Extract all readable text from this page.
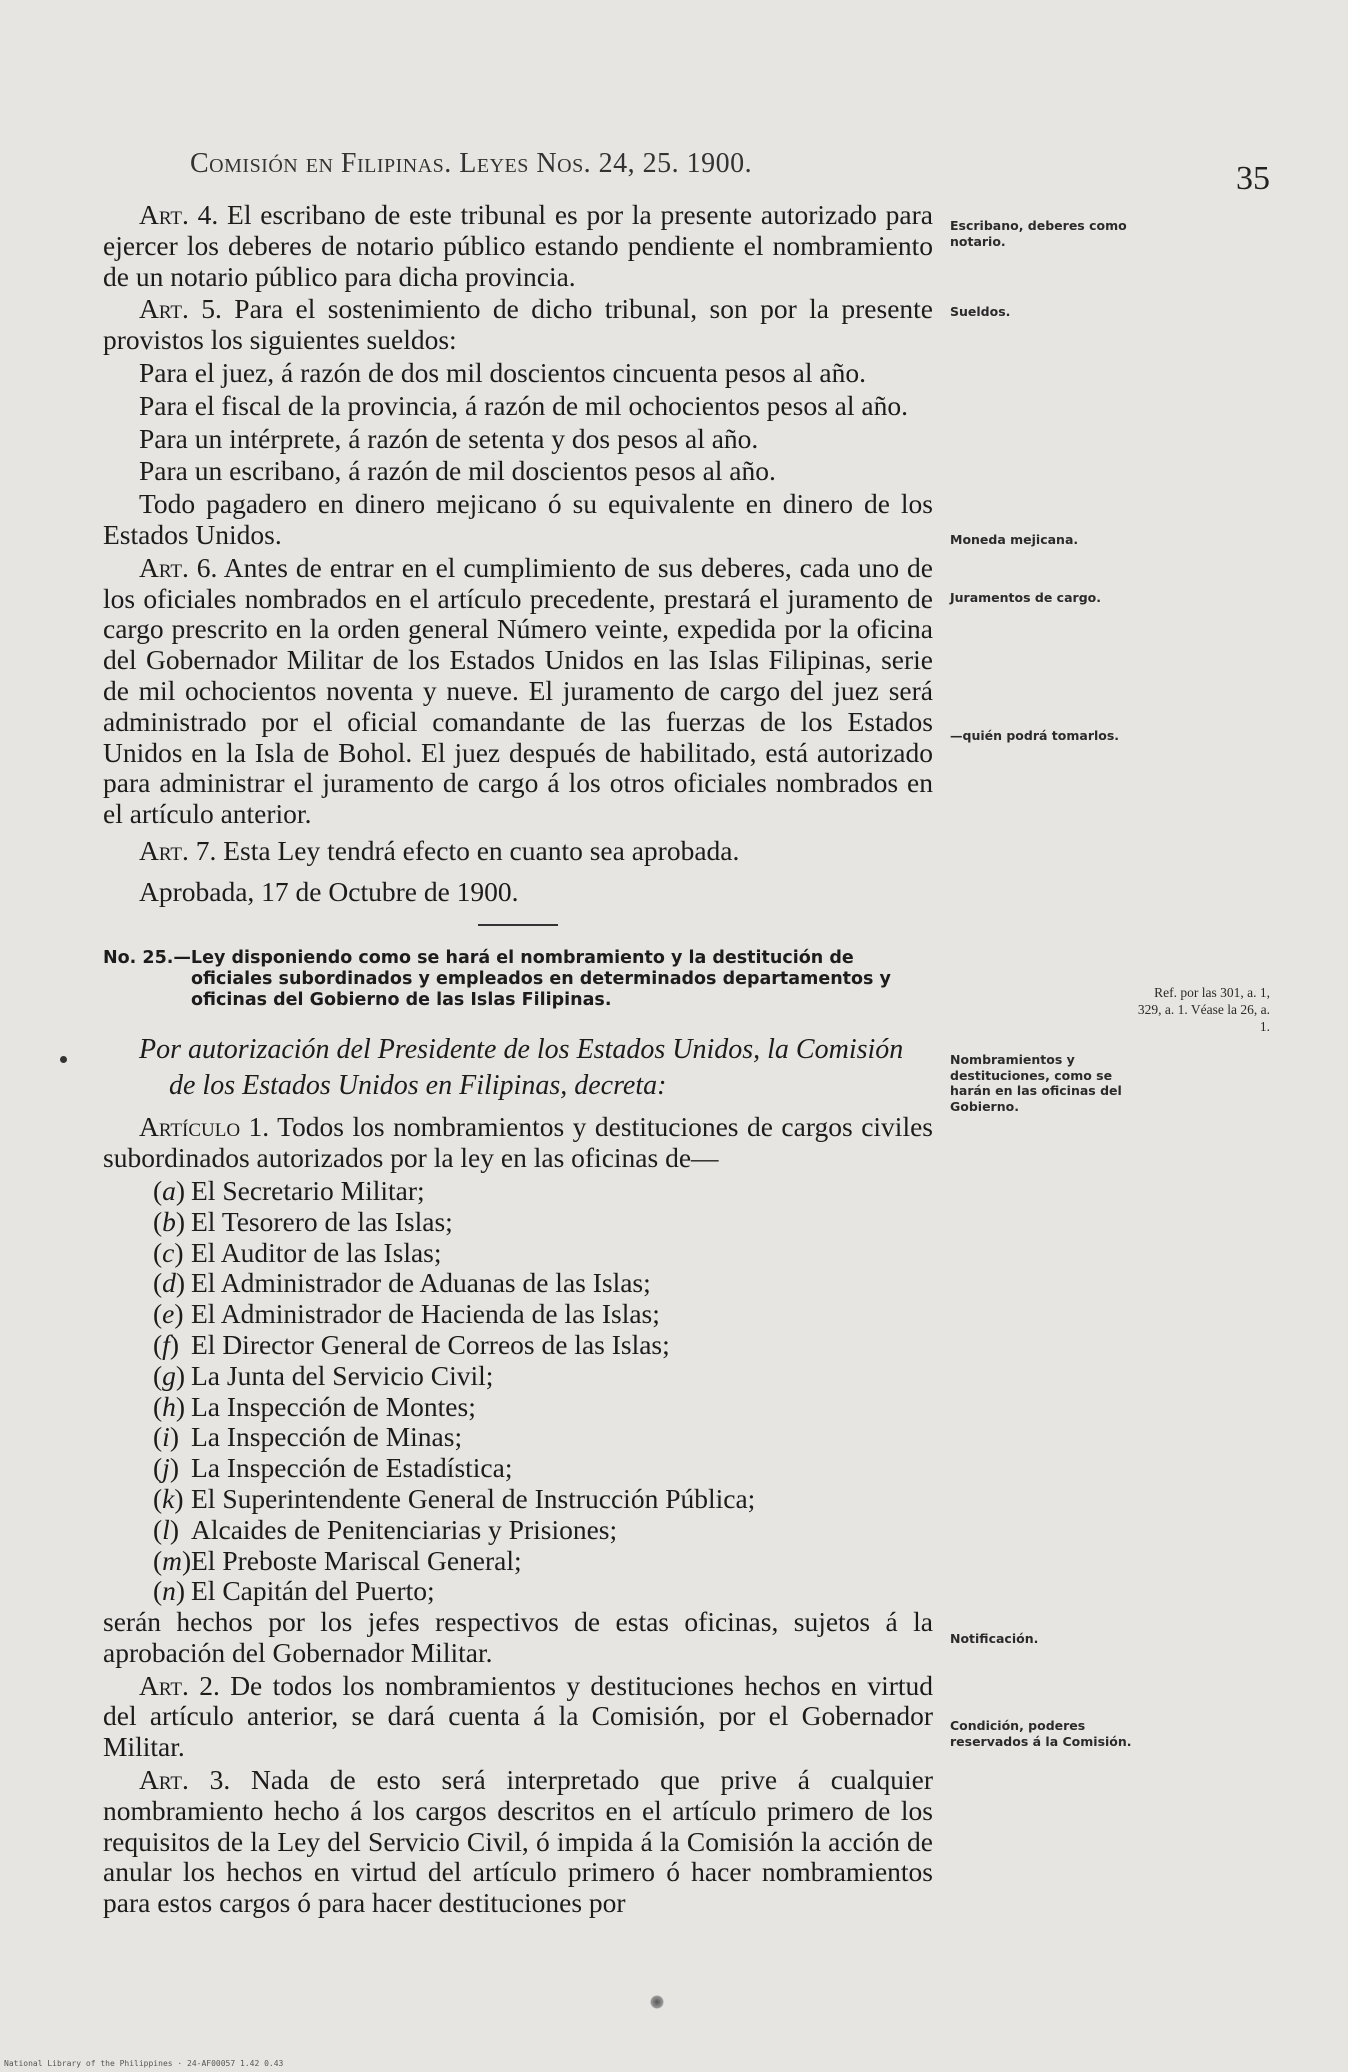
Comisión en Filipinas. Leyes Nos. 24, 25. 1900.	35
Escribano, deberes como notario.
Sueldos.
Moneda mejicana.
Juramentos de cargo.
—quién podrá tomarlos.
Ref. por las 301, a. 1, 329, a. 1. Véase la 26, a. 1.
Nombramientos y destituciones, como se harán en las oficinas del Gobierno.
Notificación.
Condición, poderes reservados á la Comisión.

Art. 4. El escribano de este tribunal es por la presente autorizado para ejercer los deberes de notario público estando pendiente el nombramiento de un notario público para dicha provincia.

Art. 5. Para el sostenimiento de dicho tribunal, son por la presente provistos los siguientes sueldos:

Para el juez, á razón de dos mil doscientos cincuenta pesos al año.

Para el fiscal de la provincia, á razón de mil ochocientos pesos al año.

Para un intérprete, á razón de setenta y dos pesos al año.

Para un escribano, á razón de mil doscientos pesos al año.

Todo pagadero en dinero mejicano ó su equivalente en dinero de los Estados Unidos.

Art. 6. Antes de entrar en el cumplimiento de sus deberes, cada uno de los oficiales nombrados en el artículo precedente, prestará el juramento de cargo prescrito en la orden general Número veinte, expedida por la oficina del Gobernador Militar de los Estados Unidos en las Islas Filipinas, serie de mil ochocientos noventa y nueve. El juramento de cargo del juez será administrado por el oficial comandante de las fuerzas de los Estados Unidos en la Isla de Bohol. El juez después de habilitado, está autorizado para administrar el juramento de cargo á los otros oficiales nombrados en el artículo anterior.

Art. 7. Esta Ley tendrá efecto en cuanto sea aprobada.

Aprobada, 17 de Octubre de 1900.

No. 25.—Ley disponiendo como se hará el nombramiento y la destitución de oficiales subordinados y empleados en determinados departamentos y oficinas del Gobierno de las Islas Filipinas.

Por autorización del Presidente de los Estados Unidos, la Comisión
de los Estados Unidos en Filipinas, decreta:

Artículo 1. Todos los nombramientos y destituciones de cargos civiles subordinados autorizados por la ley en las oficinas de—

(a) El Secretario Militar;

(b) El Tesorero de las Islas;

(c) El Auditor de las Islas;

(d) El Administrador de Aduanas de las Islas;

(e) El Administrador de Hacienda de las Islas;

(f) El Director General de Correos de las Islas;

(g) La Junta del Servicio Civil;

(h) La Inspección de Montes;

(i) La Inspección de Minas;

(j) La Inspección de Estadística;

(k) El Superintendente General de Instrucción Pública;

(l) Alcaides de Penitenciarias y Prisiones;

(m)El Preboste Mariscal General;

(n) El Capitán del Puerto;

serán hechos por los jefes respectivos de estas oficinas, sujetos á la aprobación del Gobernador Militar.

Art. 2. De todos los nombramientos y destituciones hechos en virtud del artículo anterior, se dará cuenta á la Comisión, por el Gobernador Militar.

Art. 3. Nada de esto será interpretado que prive á cualquier nombramiento hecho á los cargos descritos en el artículo primero de los requisitos de la Ley del Servicio Civil, ó impida á la Comisión la acción de anular los hechos en virtud del artículo primero ó hacer nombramientos para estos cargos ó para hacer destituciones por

National Library of the Philippines · 24-AF00057 1.42 0.43
